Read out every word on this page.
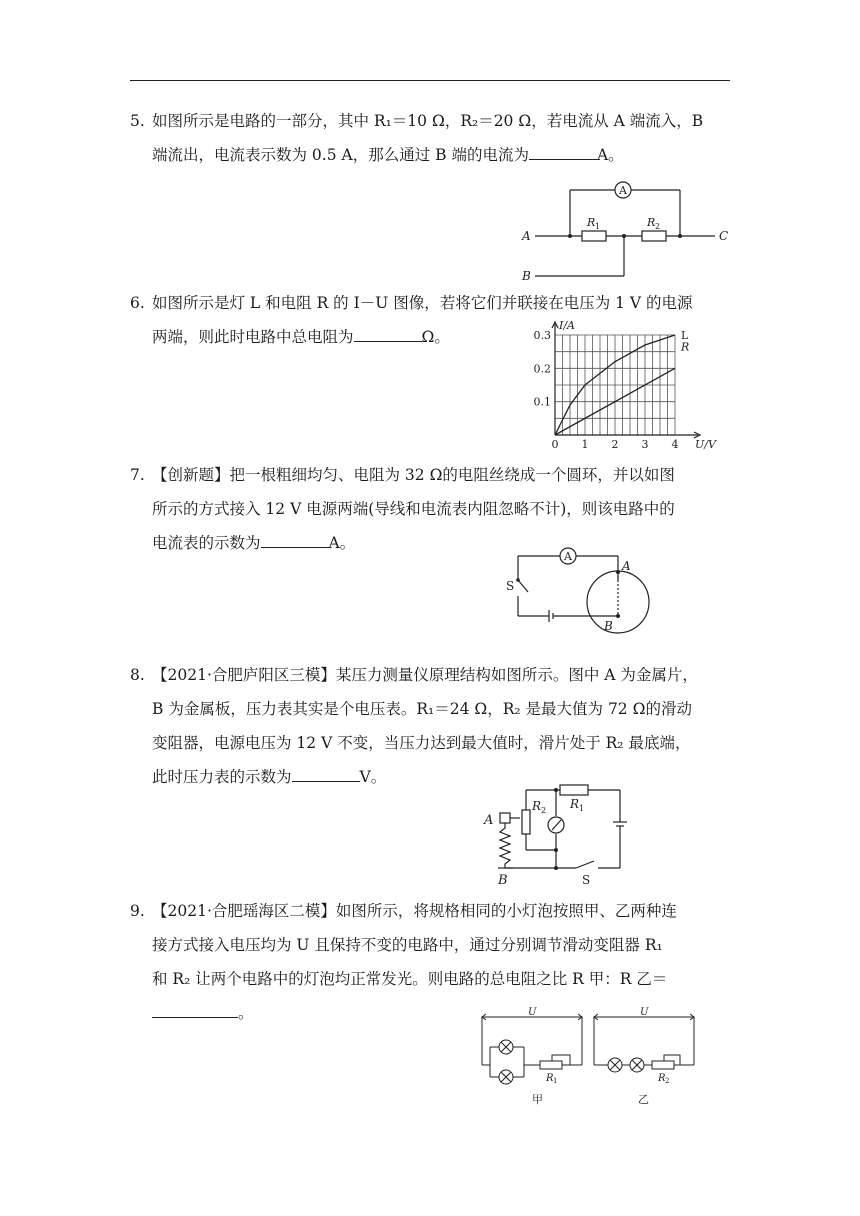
5. 如图所示是电路的一部分，其中 R₁＝10 Ω，R₂＝20 Ω，若电流从 A 端流入，B
端流出，电流表示数为 0.5 A，那么通过 B 端的电流为	A。
A
A
B
C
R 1	R 2
6. 如图所示是灯 L 和电阻 R 的 I－U 图像，若将它们并联接在电压为 1 V 的电源
两端，则此时电路中总电阻为	Ω。
0 1 2 3 4
0.1
0.2
0.3
I/A
U/V
L
R
7. 【创新题】把一根粗细均匀、电阻为 32 Ω的电阻丝绕成一个圆环，并以如图
所示的方式接入 12 V 电源两端(导线和电流表内阻忽略不计)，则该电路中的
电流表的示数为	A。
A
S
A
B
8. 【2021·合肥庐阳区三模】某压力测量仪原理结构如图所示。图中 A 为金属片，
B 为金属板，压力表其实是个电压表。R₁＝24 Ω，R₂ 是最大值为 72 Ω的滑动
变阻器，电源电压为 12 V 不变，当压力达到最大值时，滑片处于 R₂ 最底端，
此时压力表的示数为	V。
A
B
R 1
R 2
S
9. 【2021·合肥瑶海区二模】如图所示，将规格相同的小灯泡按照甲、乙两种连
接方式接入电压均为 U 且保持不变的电路中，通过分别调节滑动变阻器 R₁
和 R₂ 让两个电路中的灯泡均正常发光。则电路的总电阻之比 R 甲：R 乙＝
。	U	U
R 1	R 2
甲	乙
